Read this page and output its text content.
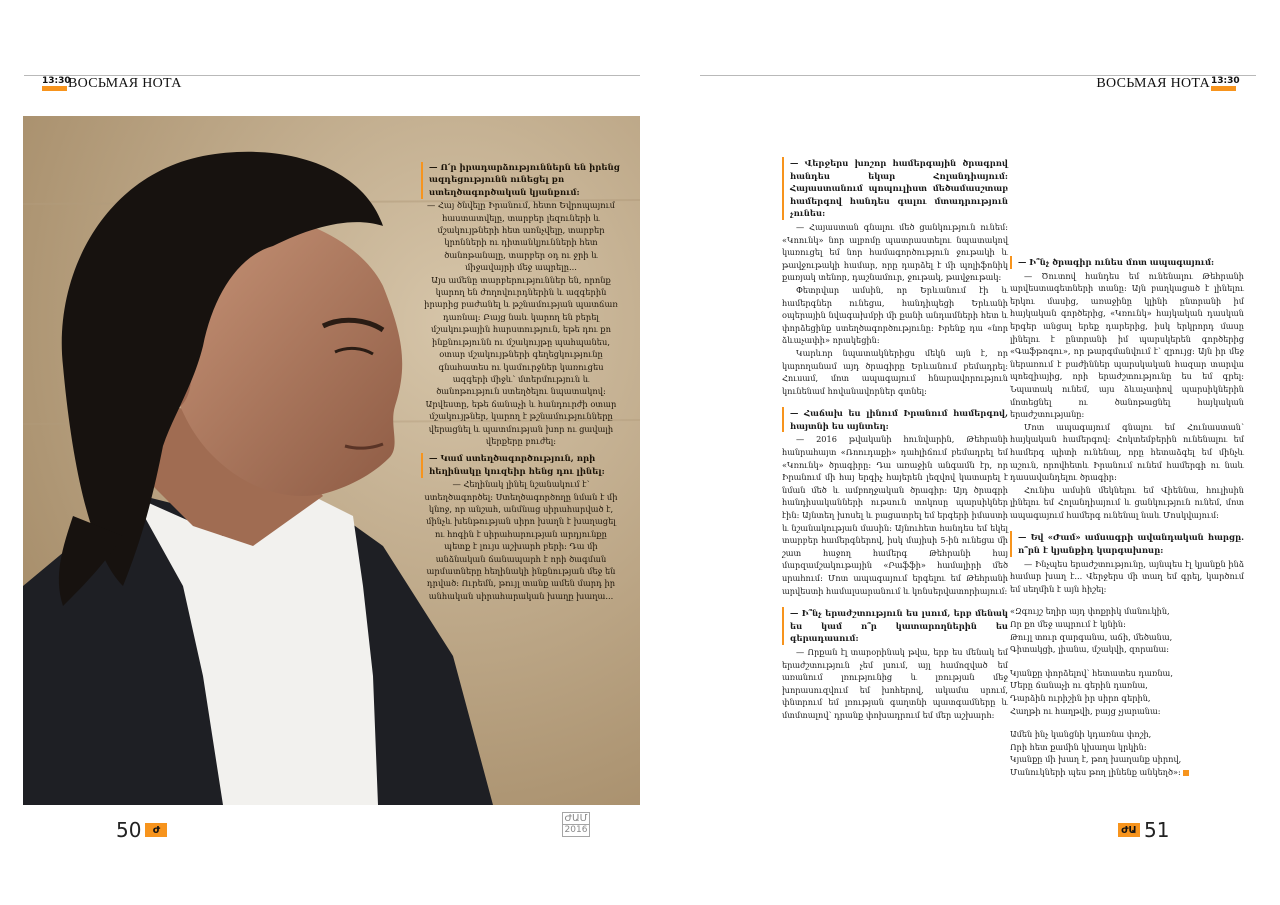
13:30
ВОСЬМАЯ НОТА	ВОСЬМАЯ НОТА 13:30

— Ո՛ր իրադարձություններն են իրենց ազդեցությունն ունեցել քո ստեղծագործական կյանքում:

— Հայ ծնվելը Իրանում, հետո Եվրոպայում հաստատվելը, տարբեր լեզուների և մշակույթների հետ առնչվելը, տարբեր կրոնների ու դիտանկյունների հետ ծանոթանալը, տարբեր օդ ու ջրի և միջավայրի մեջ ապրելը...

Այս ամենը տարբերություններ են, որոնք կարող են ժողովուրդներին և ազգերին իրարից բաժանել և թշնամության պատճառ դառնալ: Բայց նաև կարող են բերել մշակութային հարստություն, եթե դու քո ինքնությունն ու մշակույթը պահպանես, օտար մշակույթների գեղեցկությունը գնահատես ու կամուրջներ կառուցես ազգերի միջև՝ մտերմություն և ծանոթություն ստեղծելու նպատակով:

Արվեստը, եթե ճանաչի և հանդուրժի օտար մշակույթներ, կարող է թշնամությունները վերացնել և պատմության խոր ու ցավալի վերքերը բուժել:

— Կամ ստեղծագործություն, որի հեղինակը կուզեիր հենց դու լինել:

— Հեղինակ լինել նշանակում է՝ ստեղծագործել: Ստեղծագործողը նման է մի կնոջ, որ անշահ, անմնաց սիրահարված է, մինչև խենթության սիրո խաղն է խաղացել ու հոգին է սիրահարության արդյունքը պետք է լույս աշխարհ բերի: Դա մի անձնական ճանապարհ է որի ծագման արմատները հեղինակի ինքնության մեջ են դրված: Ուրեմն, թույլ տանք ամեն մարդ իր անհական սիրահարական խաղը խաղա...

— Վերջերս խոշոր համերգային ծրագրով հանդես եկար Հոլանդիայում: Հայաստանում պոպուլիստ մեծամասշտաբ համերգով հանդես գալու մտադրություն չունես:

— Հայաստան գնալու մեծ ցանկություն ունեմ: «Կոունկ» նոր ալբոմը պատրաստելու նպատակով կառուցել եմ նոր համագործություն ջութակի և թավջութակի համար, որը դարձել է մի պոլիֆոնիկ քառյակ տենոր, դաշնամուր, ջութակ, թավջութակ:

Փետրվար ամսին, որ Երևանում էի և համերգներ ունեցա, հանդիպեցի Երևանի օպերային նվագախմբի մի քանի անդամների հետ և փորձեցինք ստեղծագործությունը: Իրենք դա «նոր ձևաչափի» որակեցին:

Կարևոր նպատակներիցս մեկն այն է, որ կարողանամ այդ ծրագիրը Երևանում բեմադրել: Հուսամ, մոտ ապագայում հնարավորություն կունենամ հովանավորներ գտնել:

— Հաճախ ես լինում Իրանում համերգով, հայտնի ես այնտեղ:

— 2016 թվականի հունվարին, Թեհրանի հանրահայտ «Ռոուդաքի» դահլիճում բեմադրել եմ «Կռունկ» ծրագիրը: Դա առաջին անգամն էր, որ Իրանում մի հայ երգիչ հայերեն լեզվով կատարել է նման մեծ և ամբողջական ծրագիր: Այդ ծրագրի հանդիսականների ութսուն տոկոսը պարսիկներ էին: Այնտեղ խոսել և բացատրել եմ երգերի իմաստի և նշանակության մասին: Այնուհետ հանդես եմ եկել տարբեր համերգներով, իսկ մայիսի 5-ին ունեցա մի շատ հաջող համերգ Թեհրանի հայ մարզամշակութային «Րաֆֆի» համալիրի մեծ սրահում: Մոտ ապագայում երգելու եմ Թեհրանի արվեստի համալսարանում և կոնսերվատորիայում:

— Ի՞նչ երաժշտություն ես լսում, երբ մենակ ես կամ ո՞ր կատարողներին ես գերադասում:

— Որքան էլ տարօրինակ թվա, երբ ես մենակ եմ երաժշտություն չեմ լսում, այլ համոզված եմ առանում լռությունից և լռության մեջ խորասուզվում եմ խոհերով, ակամա սրում, փնտրում եմ լռության գաղտնի պատգամները և մտմտալով՝ դրանք փոխադրում եմ մեր աշխարհ:

— Ի՞նչ ծրագիր ունես մոտ ապագայում:

— Ծուտով հանդես եմ ունենալու Թեհրանի արվեստագետների տանը: Այն բաղկացած է լինելու երկու մասից, առաջինը կլինի ընտրանի իմ հայկական գործերից, «Կռունկ» հայկական դասկան երգեր անցալ երեք դարերից, իսկ երկրորդ մասը լինելու է ընտրանի իմ պարսկերեն գործերից «Գաֆթոգու», որ թարգմանվում է՝ զրույց: Այն իր մեջ ներառում է բաժիններ պարսկական հազար տարվա պոեզիայից, որի երաժշտությունը ես եմ գրել: Նպատակ ունեմ, այս ձևաչափով պարսիկներին մոտեցնել ու ծանոթացնել հայկական երաժշտությանը:

Մոտ ապագայում գնալու եմ Հունաստան՝ հայկական համերգով: Հոկտեմբերին ունենալու եմ համերգ պիտի ունենալ, որը հետաձգել եմ մինչև աշուն, որովհետև Իրանում ունեմ համերգի ու նաև դասավանդելու ծրագիր:

Հունիս ամսին մեկնելու եմ Վիեննա, հուլիսին լինելու եմ Հոլանդիայում և ցանկություն ունեմ, մոտ ապագայում համերգ ունենալ նաև Մոսկվայում:

— Եվ «Ժամ» ամսագրի ավանդական հարցը. ո՞րն է կյանքիդ կարգախոսը:

— Ինչպես երաժշտությունը, այնպես էլ կյանքն ինձ համար խաղ է... Վերջերս մի տաղ եմ գրել, կարծում եմ սեղմին է այն հիշել:

«Զգույշ եղիր այդ փոքրիկ մանուկին,
Որ քո մեջ ապրում է կյնին:
Թույլ տուր զարգանա, աճի, մեծանա,
Գիտակցի, լիանա, մշակվի, զորանա:
Կյանքը փորձելով՝ հետատես դառնա,
Մերը ճանաչի ու գերին դառնա,
Դարձին ուրիշին իր սիրո գերին,
Հաղթի ու հաղթվի, բայց չյարանա:
Ամեն ինչ կանցնի կդառնա փոշի,
Որի հետ քամին կխաղա կրկին:
Կյանքը մի խաղ է, թող խաղանք սիրով,
Մանուկների պես թող լինենք անկեղծ»:
50	Ժ
ԺԱՄ
2016	ԺԱ 51
